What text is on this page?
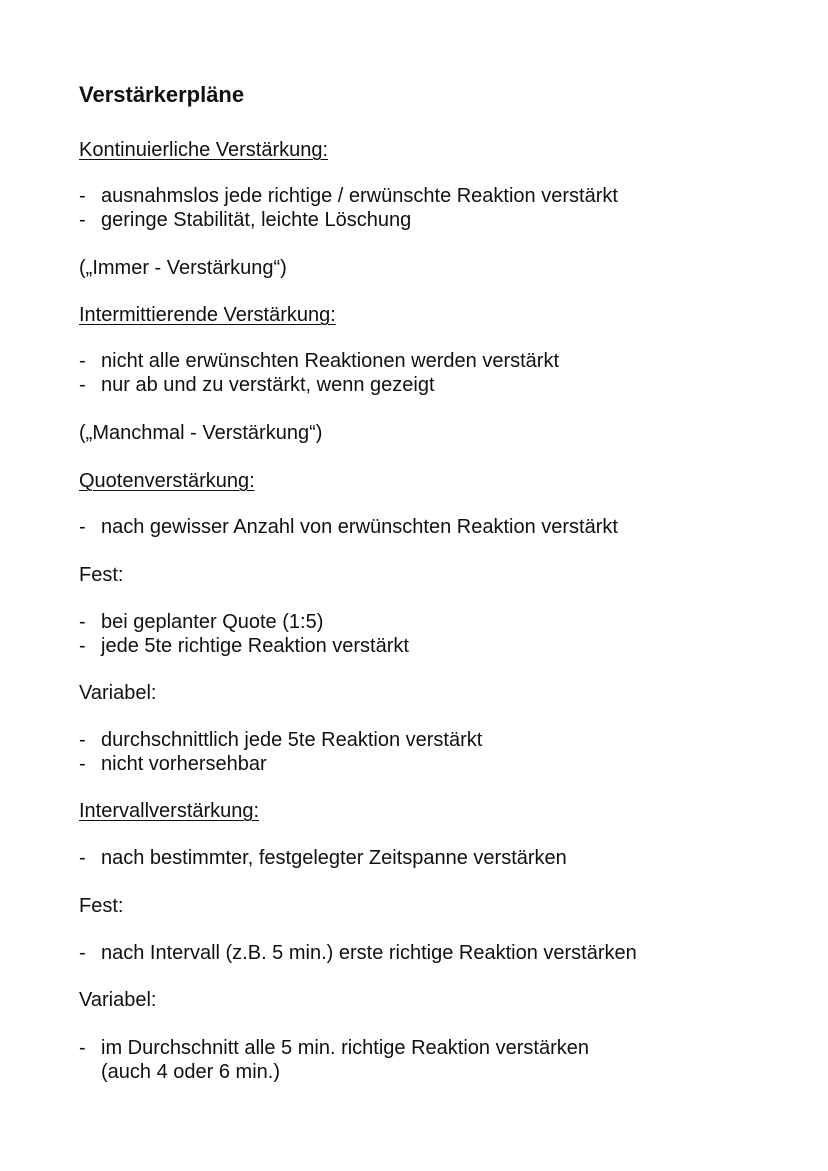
Verstärkerpläne
Kontinuierliche Verstärkung:
- ausnahmslos jede richtige / erwünschte Reaktion verstärkt
- geringe Stabilität, leichte Löschung
(„Immer - Verstärkung“)
Intermittierende Verstärkung:
- nicht alle erwünschten Reaktionen werden verstärkt
- nur ab und zu verstärkt, wenn gezeigt
(„Manchmal - Verstärkung“)
Quotenverstärkung:
- nach gewisser Anzahl von erwünschten Reaktion verstärkt
Fest:
- bei geplanter Quote (1:5)
- jede 5te richtige Reaktion verstärkt
Variabel:
- durchschnittlich jede 5te Reaktion verstärkt
- nicht vorhersehbar
Intervallverstärkung:
- nach bestimmter, festgelegter Zeitspanne verstärken
Fest:
- nach Intervall (z.B. 5 min.) erste richtige Reaktion verstärken
Variabel:
- im Durchschnitt alle 5 min. richtige Reaktion verstärken
(auch 4 oder 6 min.)
